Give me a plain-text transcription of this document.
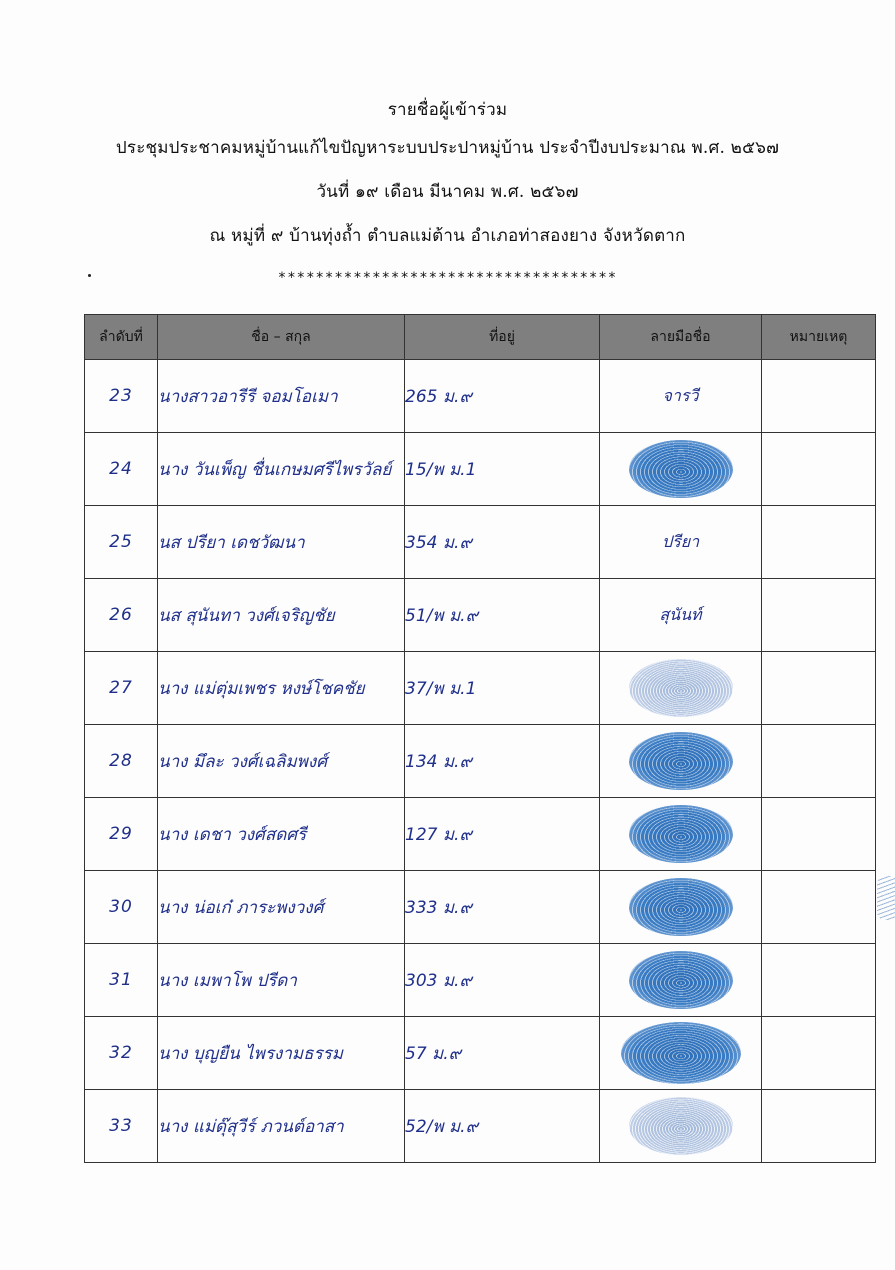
รายชื่อผู้เข้าร่วม
ประชุมประชาคมหมู่บ้านแก้ไขปัญหาระบบประปาหมู่บ้าน ประจำปีงบประมาณ พ.ศ. ๒๕๖๗
วันที่ ๑๙ เดือน มีนาคม พ.ศ. ๒๕๖๗
ณ หมู่ที่ ๙ บ้านทุ่งถ้ำ ตำบลแม่ต้าน อำเภอท่าสองยาง จังหวัดตาก
************************************
ลำดับที่	ชื่อ – สกุล	ที่อยู่	ลายมือชื่อ	หมายเหตุ
23	นางสาวอารีรี จอมโอเมา	265 ม.๙	จารวี	
24	นาง วันเพ็ญ ชื่นเกษมศรีไพรวัลย์	15/พ ม.1		
25	นส ปรียา เดชวัฒนา	354 ม.๙	ปรียา	
26	นส สุนันทา วงศ์เจริญชัย	51/พ ม.๙	สุนันท์	
27	นาง แม่ตุ่มเพชร หงษ์โชคชัย	37/พ ม.1		
28	นาง มึละ วงศ์เฉลิมพงศ์	134 ม.๙		
29	นาง เดชา วงศ์สดศรี	127 ม.๙		
30	นาง น่อเก๋ ภาระพงวงศ์	333 ม.๙		
31	นาง เมพาโพ ปรีดา	303 ม.๙		
32	นาง บุญยืน ไพรงามธรรม	57 ม.๙		
33	นาง แม่ดุ๊สุวีร์ ภวนต์อาสา	52/พ ม.๙		
